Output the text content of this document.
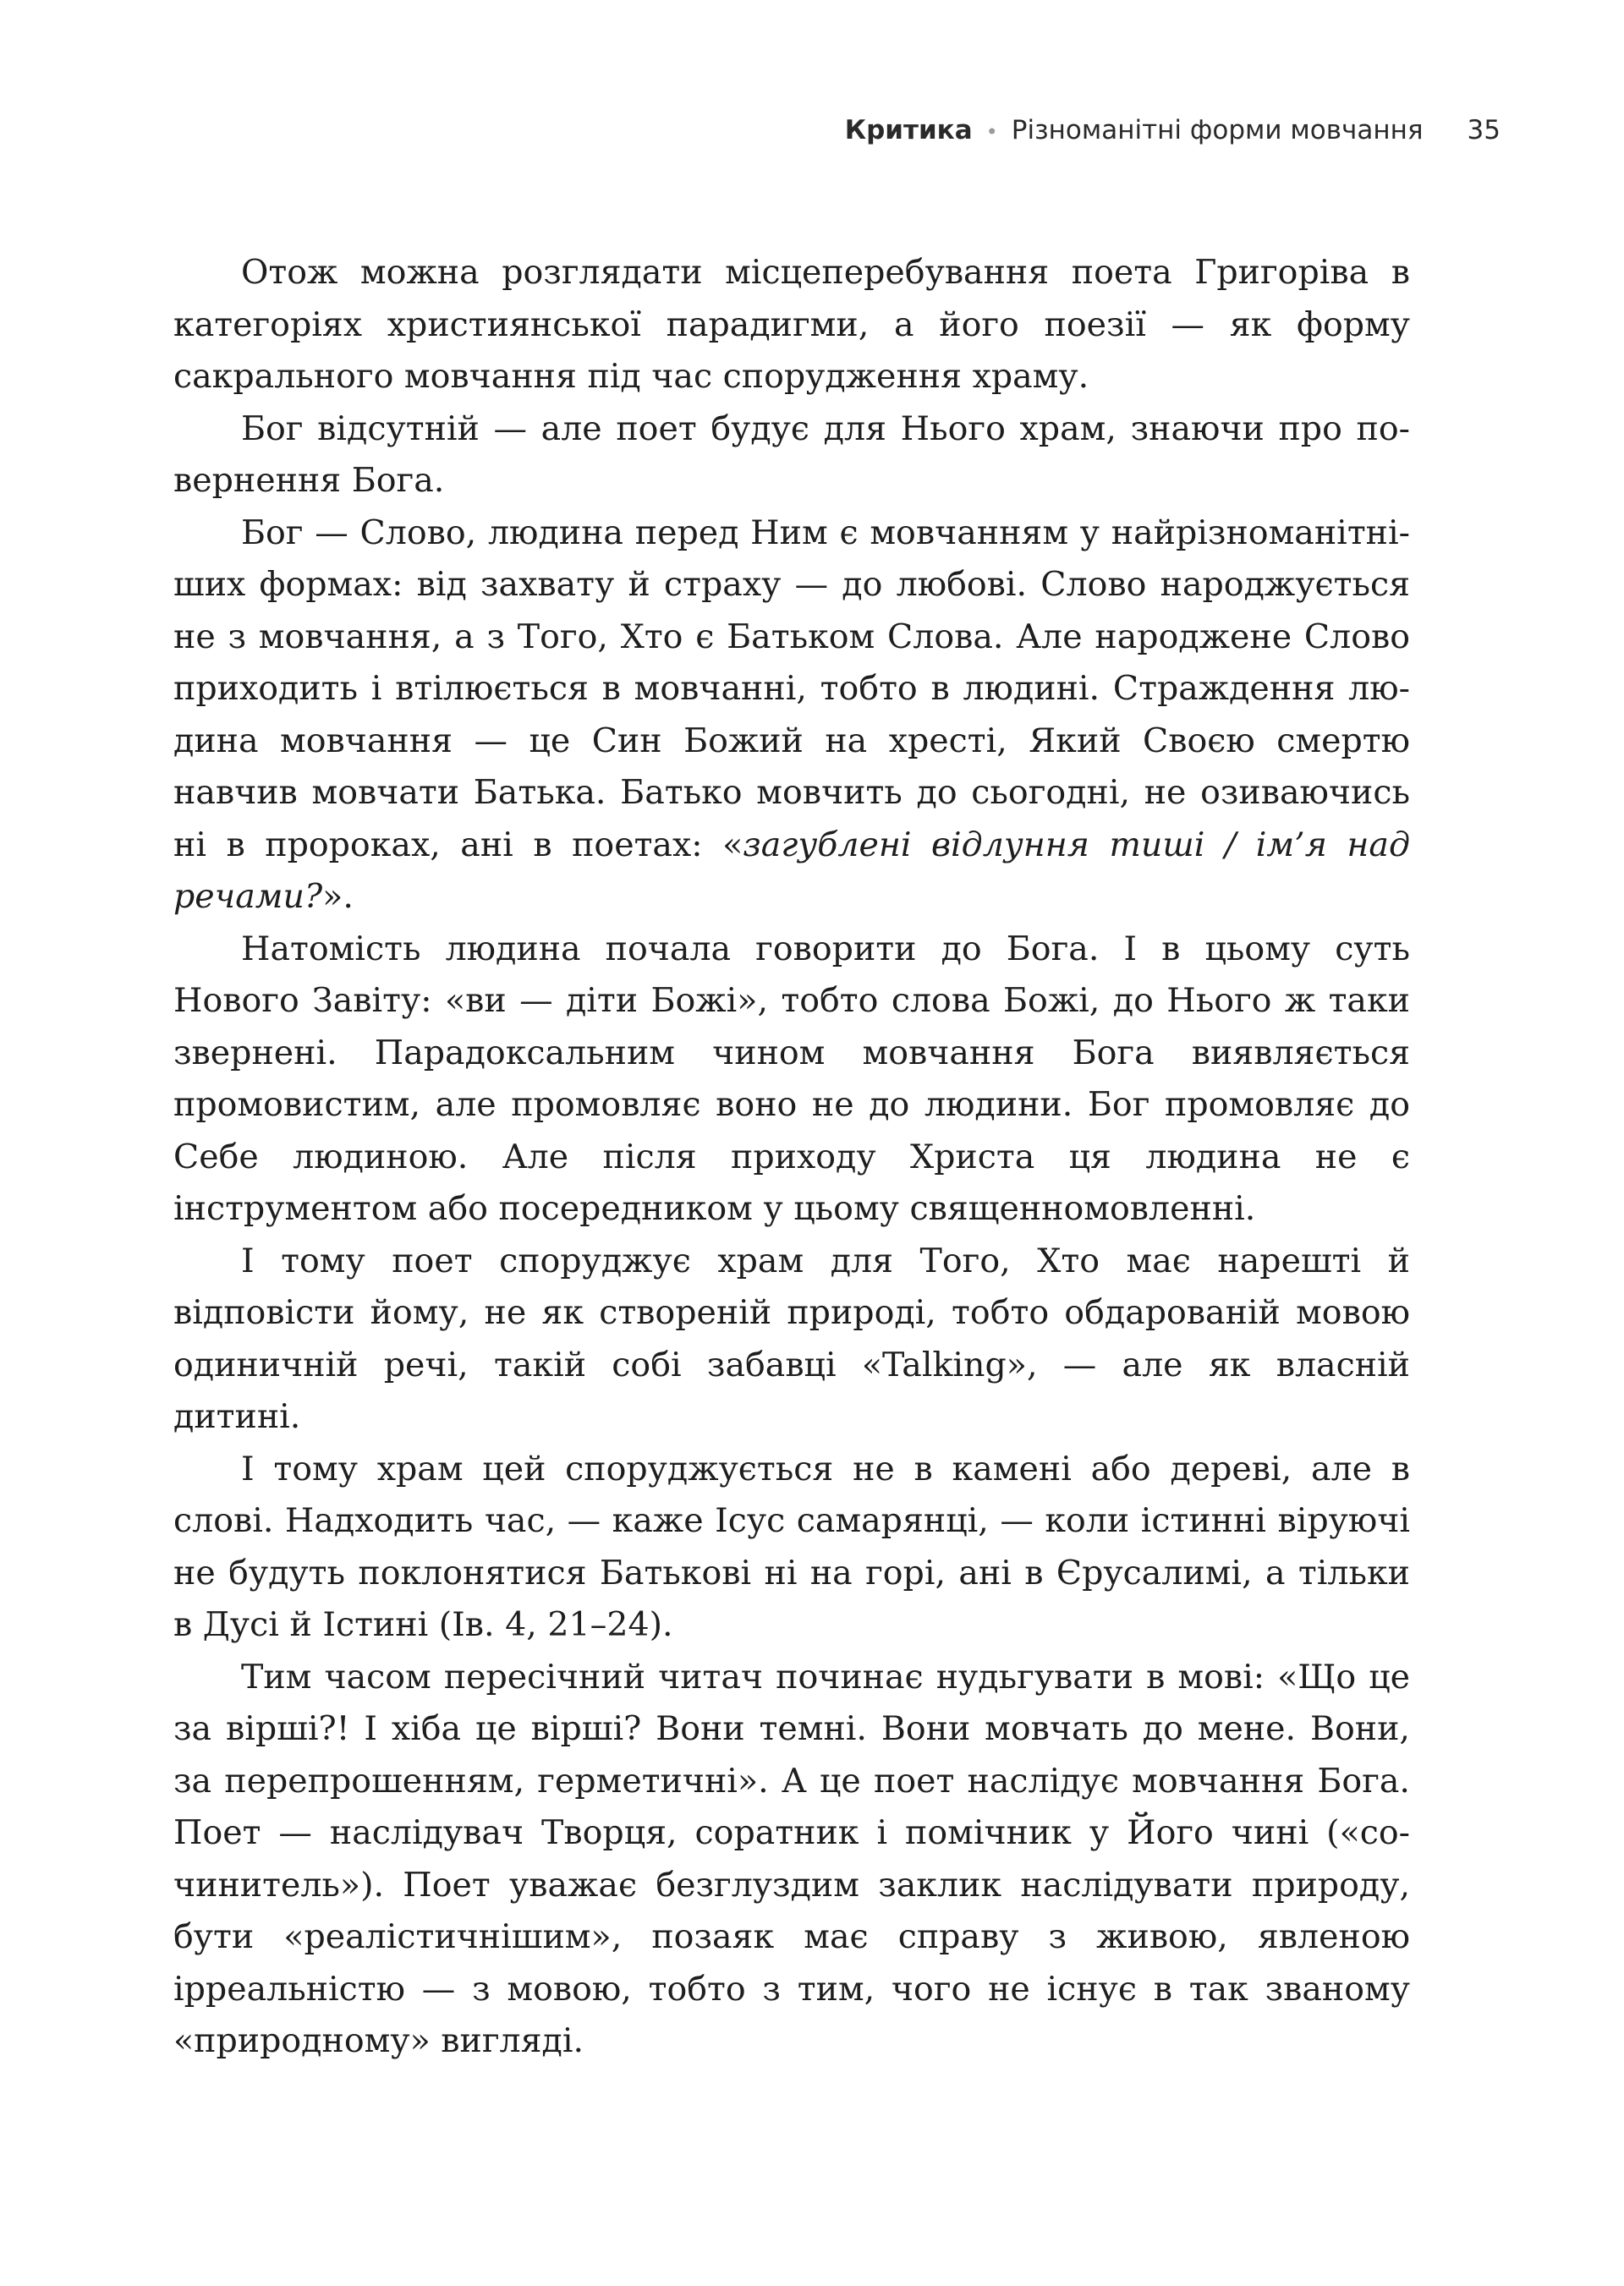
Критика • Різноманітні форми мовчання 35

Отож можна розглядати місцеперебування поета Григоріва в категоріях християнської парадигми, а його поезії — як форму сакрального мовчання під час спорудження храму.

Бог відсутній — але поет будує для Нього храм, знаючи про повернення Бога.

Бог — Слово, людина перед Ним є мовчанням у найрізноманітніших формах: від захвату й страху — до любові. Слово народжується не з мовчання, а з Того, Хто є Батьком Слова. Але народжене Слово приходить і втілюється в мовчанні, тобто в людині. Страждення людина мовчання — це Син Божий на хресті, Який Своєю смертю навчив мовчати Батька. Батько мовчить до сьогодні, не озиваючись ні в пророках, ані в поетах: «загублені відлуння тиші / ім’я над речами?».

Натомість людина почала говорити до Бога. І в цьому суть Нового Завіту: «ви — діти Божі», тобто слова Божі, до Нього ж таки звернені. Парадоксальним чином мовчання Бога виявляється промовистим, але промовляє воно не до людини. Бог промовляє до Себе людиною. Але після приходу Христа ця людина не є інструментом або посередником у цьому священномовленні.

І тому поет споруджує храм для Того, Хто має нарешті й відповісти йому, не як створеній природі, тобто обдарованій мовою одиничній речі, такій собі забавці «Talking», — але як власній дитині.

І тому храм цей споруджується не в камені або дереві, але в слові. Надходить час, — каже Ісус самарянці, — коли істинні віруючі не будуть поклонятися Батькові ні на горі, ані в Єрусалимі, а тільки в Дусі й Істині (Ів. 4, 21–24).

Тим часом пересічний читач починає нудьгувати в мові: «Що це за вірші?! І хіба це вірші? Вони темні. Вони мовчать до мене. Вони, за перепрошенням, герметичні». А це поет наслідує мовчання Бога. Поет — наслідувач Творця, соратник і помічник у Його чині («со-чинитель»). Поет уважає безглуздим заклик наслідувати природу, бути «реалістичнішим», позаяк має справу з живою, явленою ірреальністю — з мовою, тобто з тим, чого не існує в так званому «природному» вигляді.
